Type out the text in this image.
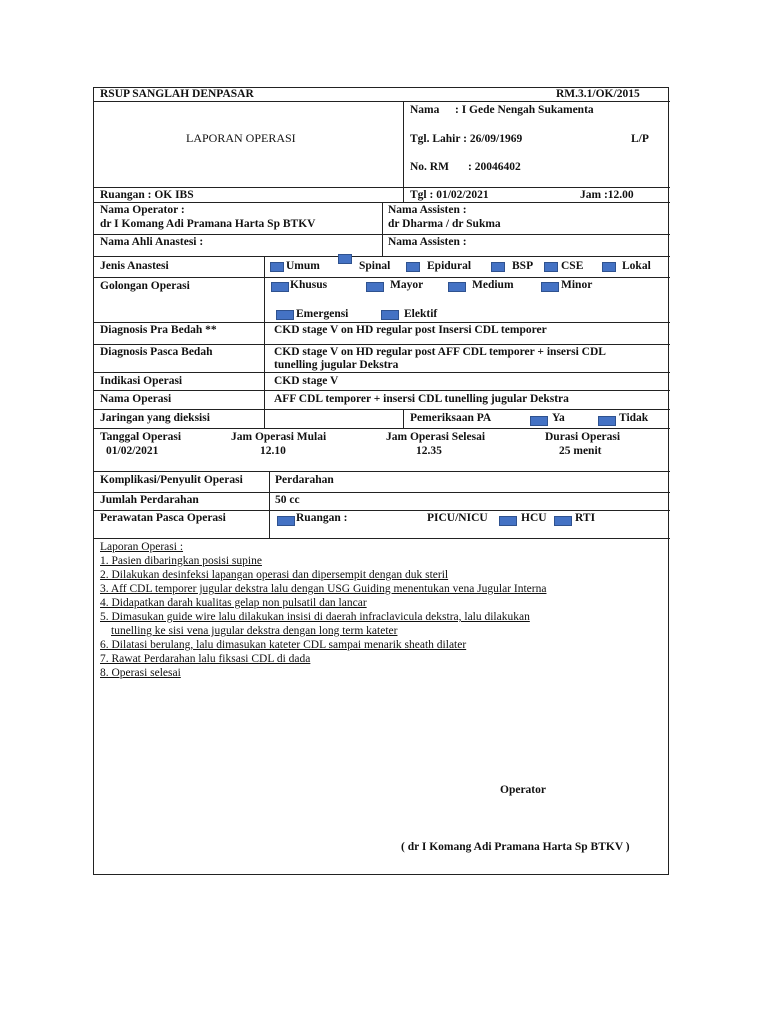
RSUP SANGLAH DENPASAR	RM.3.1/OK/2015
LAPORAN OPERASI
Nama : I Gede Nengah Sukamenta
Tgl. Lahir : 26/09/1969	L/P
No. RM : 20046402
Ruangan : OK IBS	Tgl : 01/02/2021	Jam :12.00
Nama Operator :
dr I Komang Adi Pramana Harta Sp BTKV
Nama Assisten :
dr Dharma / dr Sukma
Nama Ahli Anastesi :	Nama Assisten :
Jenis Anastesi	Umum	Spinal	Epidural	BSP CSE	Lokal
Golongan Operasi	Khusus	Mayor	Medium	Minor
Emergensi	Elektif
Diagnosis Pra Bedah **	CKD stage V on HD regular post Insersi CDL temporer
Diagnosis Pasca Bedah	CKD stage V on HD regular post AFF CDL temporer + insersi CDL
tunelling jugular Dekstra
Indikasi Operasi	CKD stage V
Nama Operasi	AFF CDL temporer + insersi CDL tunelling jugular Dekstra
Jaringan yang dieksisi	Pemeriksaan PA	Ya	Tidak
Tanggal Operasi
01/02/2021
Jam Operasi Mulai
12.10
Jam Operasi Selesai
12.35
Durasi Operasi
25 menit
Komplikasi/Penyulit Operasi	Perdarahan
Jumlah Perdarahan	50 cc
Perawatan Pasca Operasi	Ruangan :	PICU/NICU	HCU RTI
Laporan Operasi :
1. Pasien dibaringkan posisi supine
2. Dilakukan desinfeksi lapangan operasi dan dipersempit dengan duk steril
3. Aff CDL temporer jugular dekstra lalu dengan USG Guiding menentukan vena Jugular Interna
4. Didapatkan darah kualitas gelap non pulsatil dan lancar
5. Dimasukan guide wire lalu dilakukan insisi di daerah infraclavicula dekstra, lalu dilakukan
tunelling ke sisi vena jugular dekstra dengan long term kateter
6. Dilatasi berulang, lalu dimasukan kateter CDL sampai menarik sheath dilater
7. Rawat Perdarahan lalu fiksasi CDL di dada
8. Operasi selesai
Operator
( dr I Komang Adi Pramana Harta Sp BTKV )
